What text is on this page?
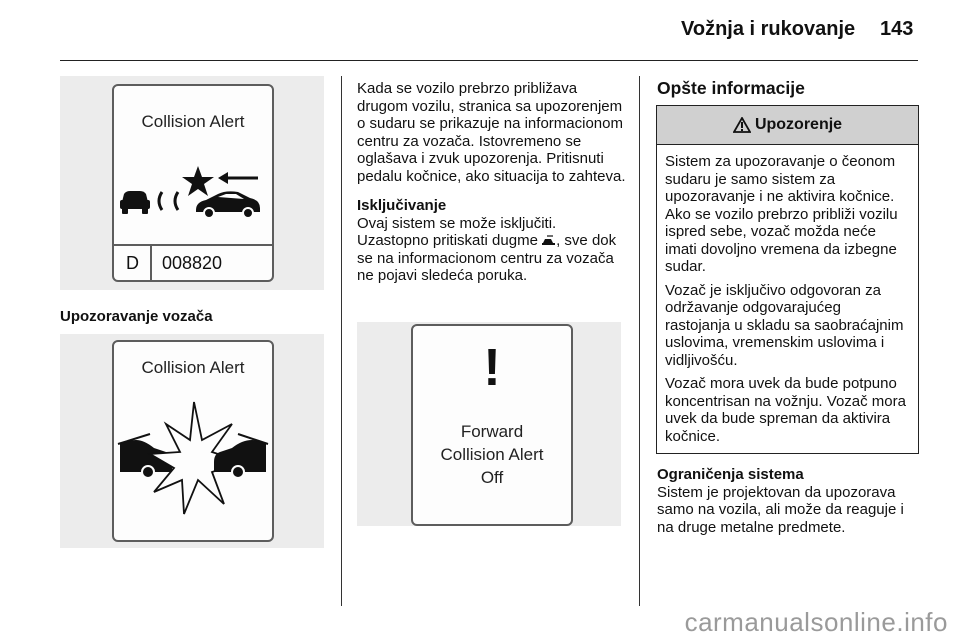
Vožnja i rukovanje 143
Collision Alert
D 008820
Upozoravanje vozača
Collision Alert

Kada se vozilo prebrzo približava drugom vozilu, stranica sa upozorenjem o sudaru se prikazuje na informacionom centru za vozača. Istovremeno se oglašava i zvuk upozorenja. Pritisnuti pedalu kočnice, ako situacija to zahteva.

Isključivanje

Ovaj sistem se može isključiti. Uzastopno pritiskati dugme , sve dok se na informacionom centru za vozača ne pojavi sledeća poruka.

!
Forward
Collision Alert
Off
Opšte informacije
Upozorenje

Sistem za upozoravanje o čeonom sudaru je samo sistem za upozoravanje i ne aktivira kočnice. Ako se vozilo prebrzo približi vozilu ispred sebe, vozač možda neće imati dovoljno vremena da izbegne sudar.

Vozač je isključivo odgovoran za održavanje odgovarajućeg rastojanja u skladu sa saobraćajnim uslovima, vremenskim uslovima i vidljivošću.

Vozač mora uvek da bude potpuno koncentrisan na vožnju. Vozač mora uvek da bude spreman da aktivira kočnice.

Ograničenja sistema

Sistem je projektovan da upozorava samo na vozila, ali može da reaguje i na druge metalne predmete.

carmanualsonline.info
